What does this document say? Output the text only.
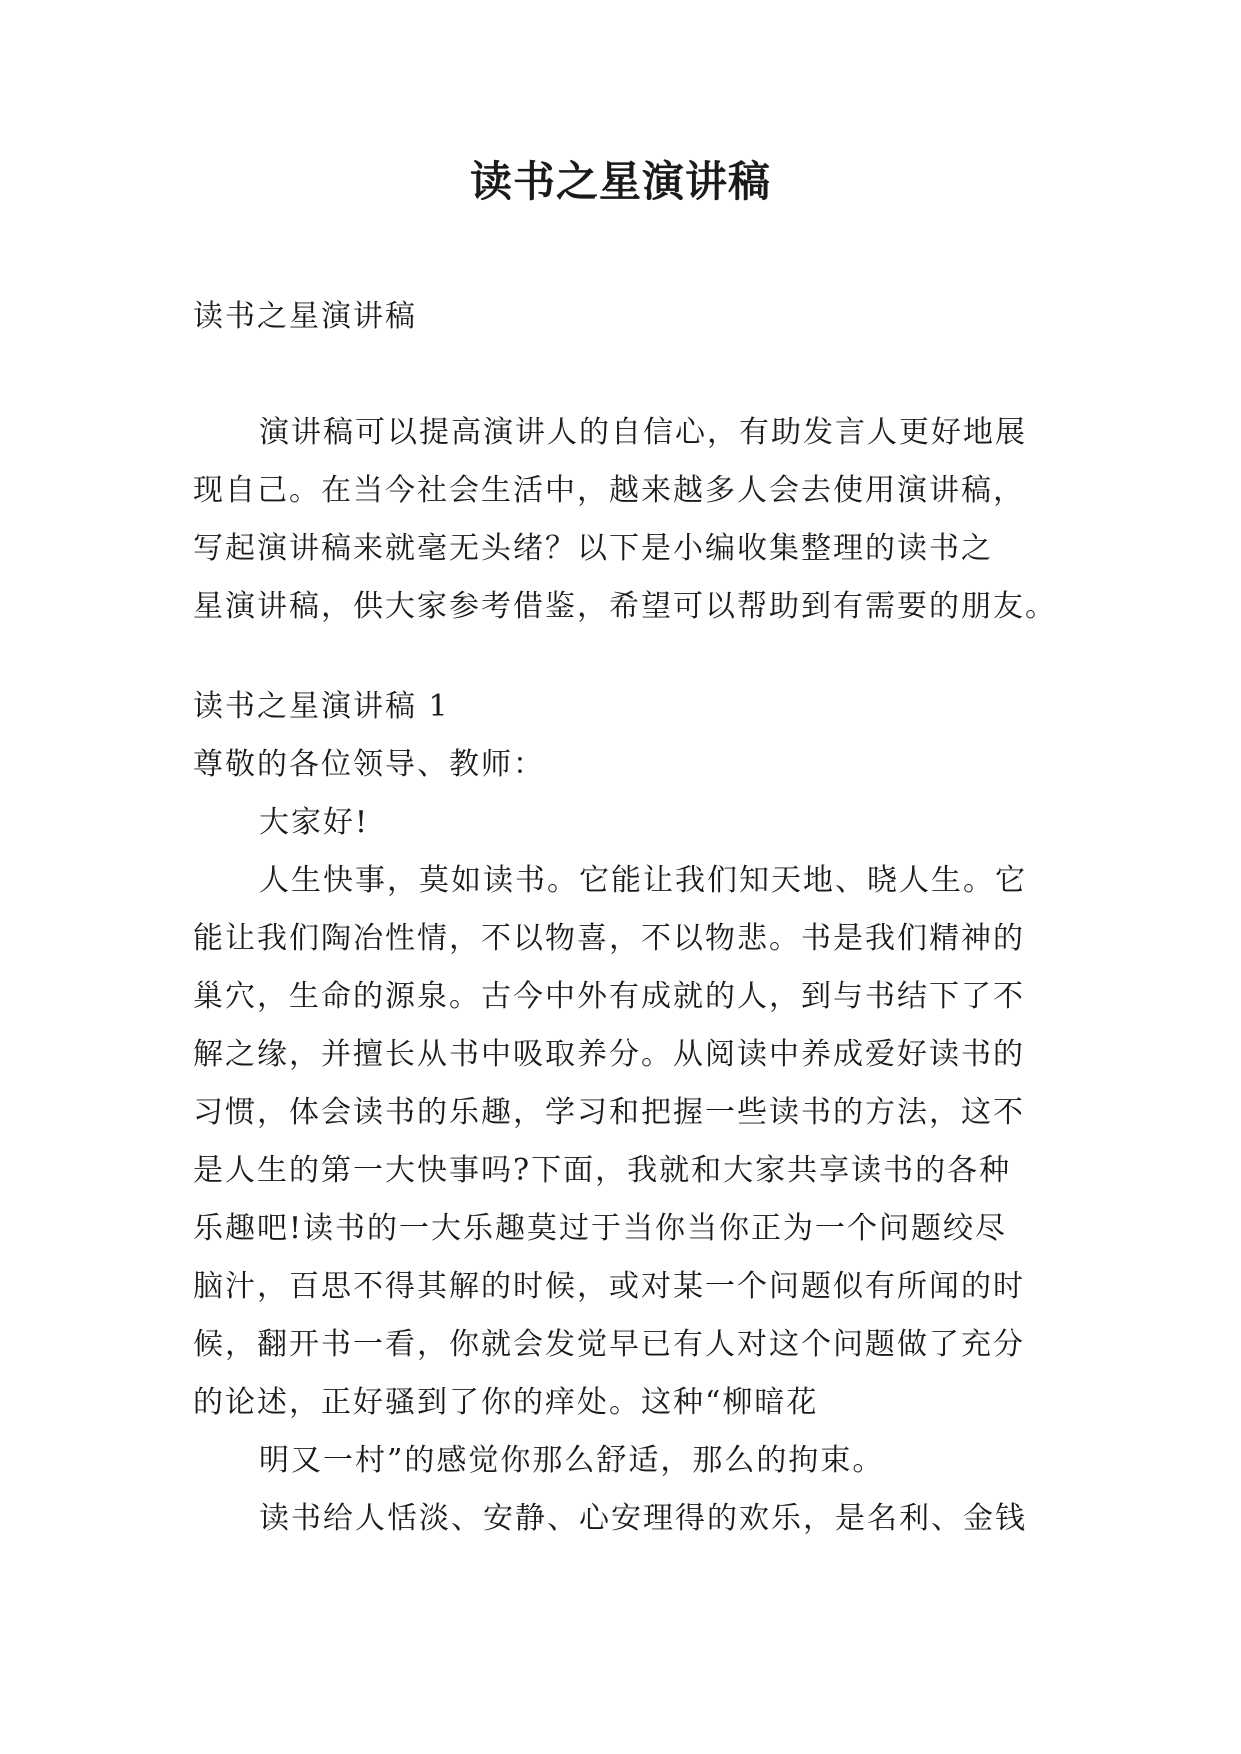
读书之星演讲稿
读书之星演讲稿
演讲稿可以提高演讲人的自信心，有助发言人更好地展
现自己。在当今社会生活中，越来越多人会去使用演讲稿，
写起演讲稿来就毫无头绪？以下是小编收集整理的读书之
星演讲稿，供大家参考借鉴，希望可以帮助到有需要的朋友。
读书之星演讲稿 1
尊敬的各位领导、教师：
大家好!
人生快事，莫如读书。它能让我们知天地、晓人生。它
能让我们陶冶性情，不以物喜，不以物悲。书是我们精神的
巢穴，生命的源泉。古今中外有成就的人，到与书结下了不
解之缘，并擅长从书中吸取养分。从阅读中养成爱好读书的
习惯，体会读书的乐趣，学习和把握一些读书的方法，这不
是人生的第一大快事吗?下面，我就和大家共享读书的各种
乐趣吧!读书的一大乐趣莫过于当你当你正为一个问题绞尽
脑汁，百思不得其解的时候，或对某一个问题似有所闻的时
候，翻开书一看，你就会发觉早已有人对这个问题做了充分
的论述，正好骚到了你的痒处。这种“柳暗花
明又一村”的感觉你那么舒适，那么的拘束。
读书给人恬淡、安静、心安理得的欢乐，是名利、金钱
